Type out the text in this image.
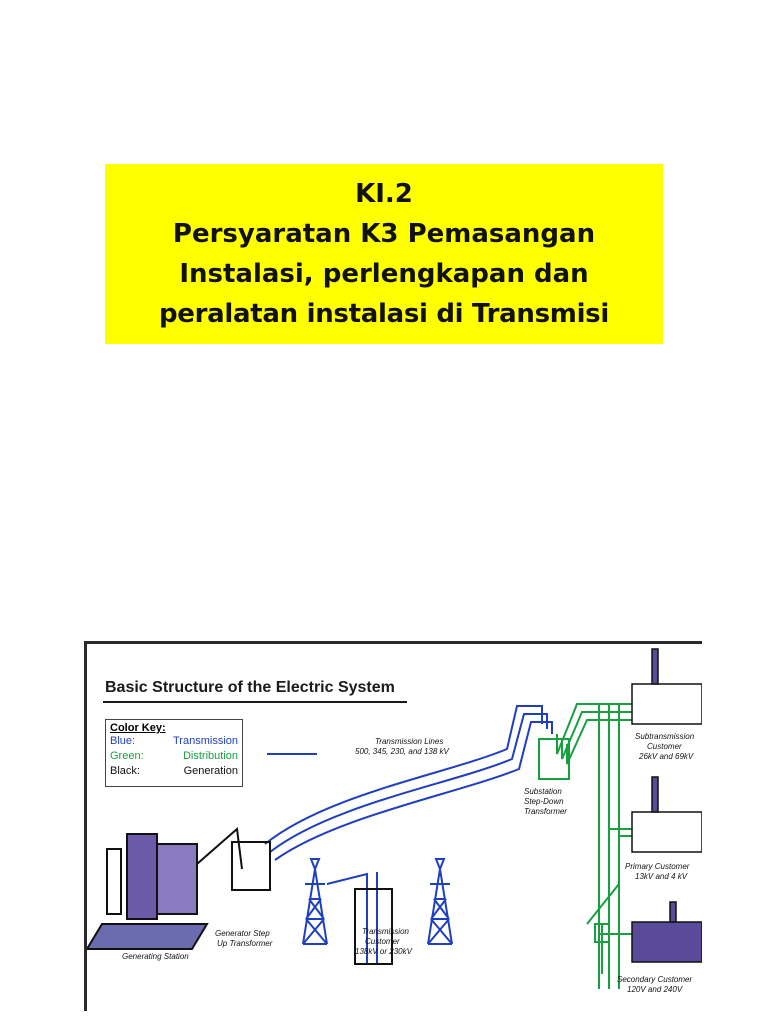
KI.2
Persyaratan K3 Pemasangan
Instalasi, perlengkapan dan
peralatan instalasi di Transmisi
Transmission Lines
500, 345, 230, and 138 kV
Substation
Step-Down
Transformer
Subtransmission
Customer
26kV and 69kV
Primary Customer
13kV and 4 kV
Generating Station
Generator Step
Up Transformer
Transmission
Customer
138kV or 230kV
Secondary Customer
120V and 240V
Basic Structure of the Electric System
Color Key:
Blue:	Transmission
Green:	Distribution
Black:	Generation
